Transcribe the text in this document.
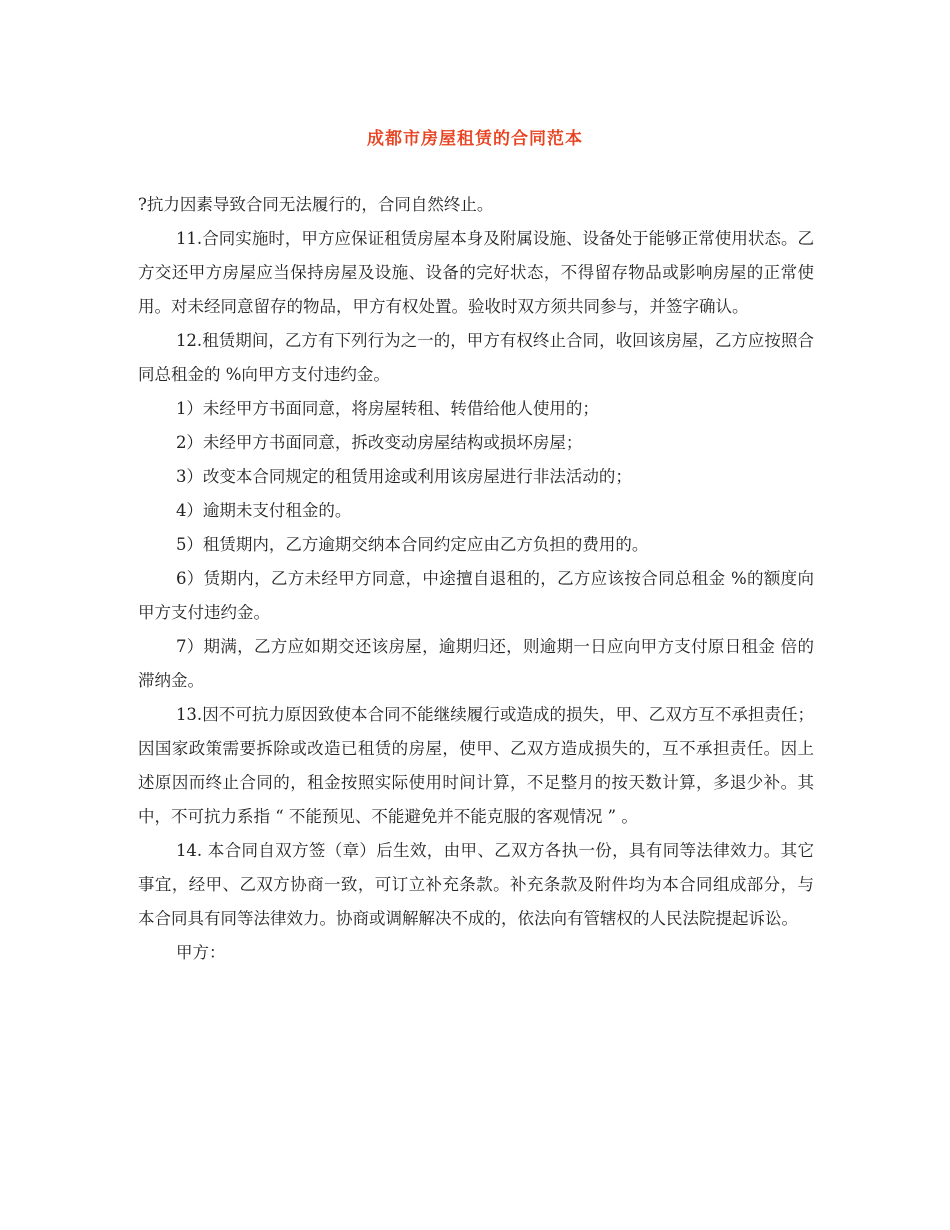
成都市房屋租赁的合同范本

?抗力因素导致合同无法履行的，合同自然终止。

11.合同实施时，甲方应保证租赁房屋本身及附属设施、设备处于能够正常使用状态。乙方交还甲方房屋应当保持房屋及设施、设备的完好状态，不得留存物品或影响房屋的正常使用。对未经同意留存的物品，甲方有权处置。验收时双方须共同参与，并签字确认。

12.租赁期间，乙方有下列行为之一的，甲方有权终止合同，收回该房屋，乙方应按照合同总租金的 %向甲方支付违约金。

1）未经甲方书面同意，将房屋转租、转借给他人使用的；

2）未经甲方书面同意，拆改变动房屋结构或损坏房屋；

3）改变本合同规定的租赁用途或利用该房屋进行非法活动的；

4）逾期未支付租金的。

5）租赁期内，乙方逾期交纳本合同约定应由乙方负担的费用的。

6）赁期内，乙方未经甲方同意，中途擅自退租的，乙方应该按合同总租金 %的额度向甲方支付违约金。

7）期满，乙方应如期交还该房屋，逾期归还，则逾期一日应向甲方支付原日租金 倍的滞纳金。

13.因不可抗力原因致使本合同不能继续履行或造成的损失，甲、乙双方互不承担责任；因国家政策需要拆除或改造已租赁的房屋，使甲、乙双方造成损失的，互不承担责任。因上述原因而终止合同的，租金按照实际使用时间计算，不足整月的按天数计算，多退少补。其中，不可抗力系指 “ 不能预见、不能避免并不能克服的客观情况 ” 。

14. 本合同自双方签（章）后生效，由甲、乙双方各执一份，具有同等法律效力。其它事宜，经甲、乙双方协商一致，可订立补充条款。补充条款及附件均为本合同组成部分，与本合同具有同等法律效力。协商或调解解决不成的，依法向有管辖权的人民法院提起诉讼。

甲方：
